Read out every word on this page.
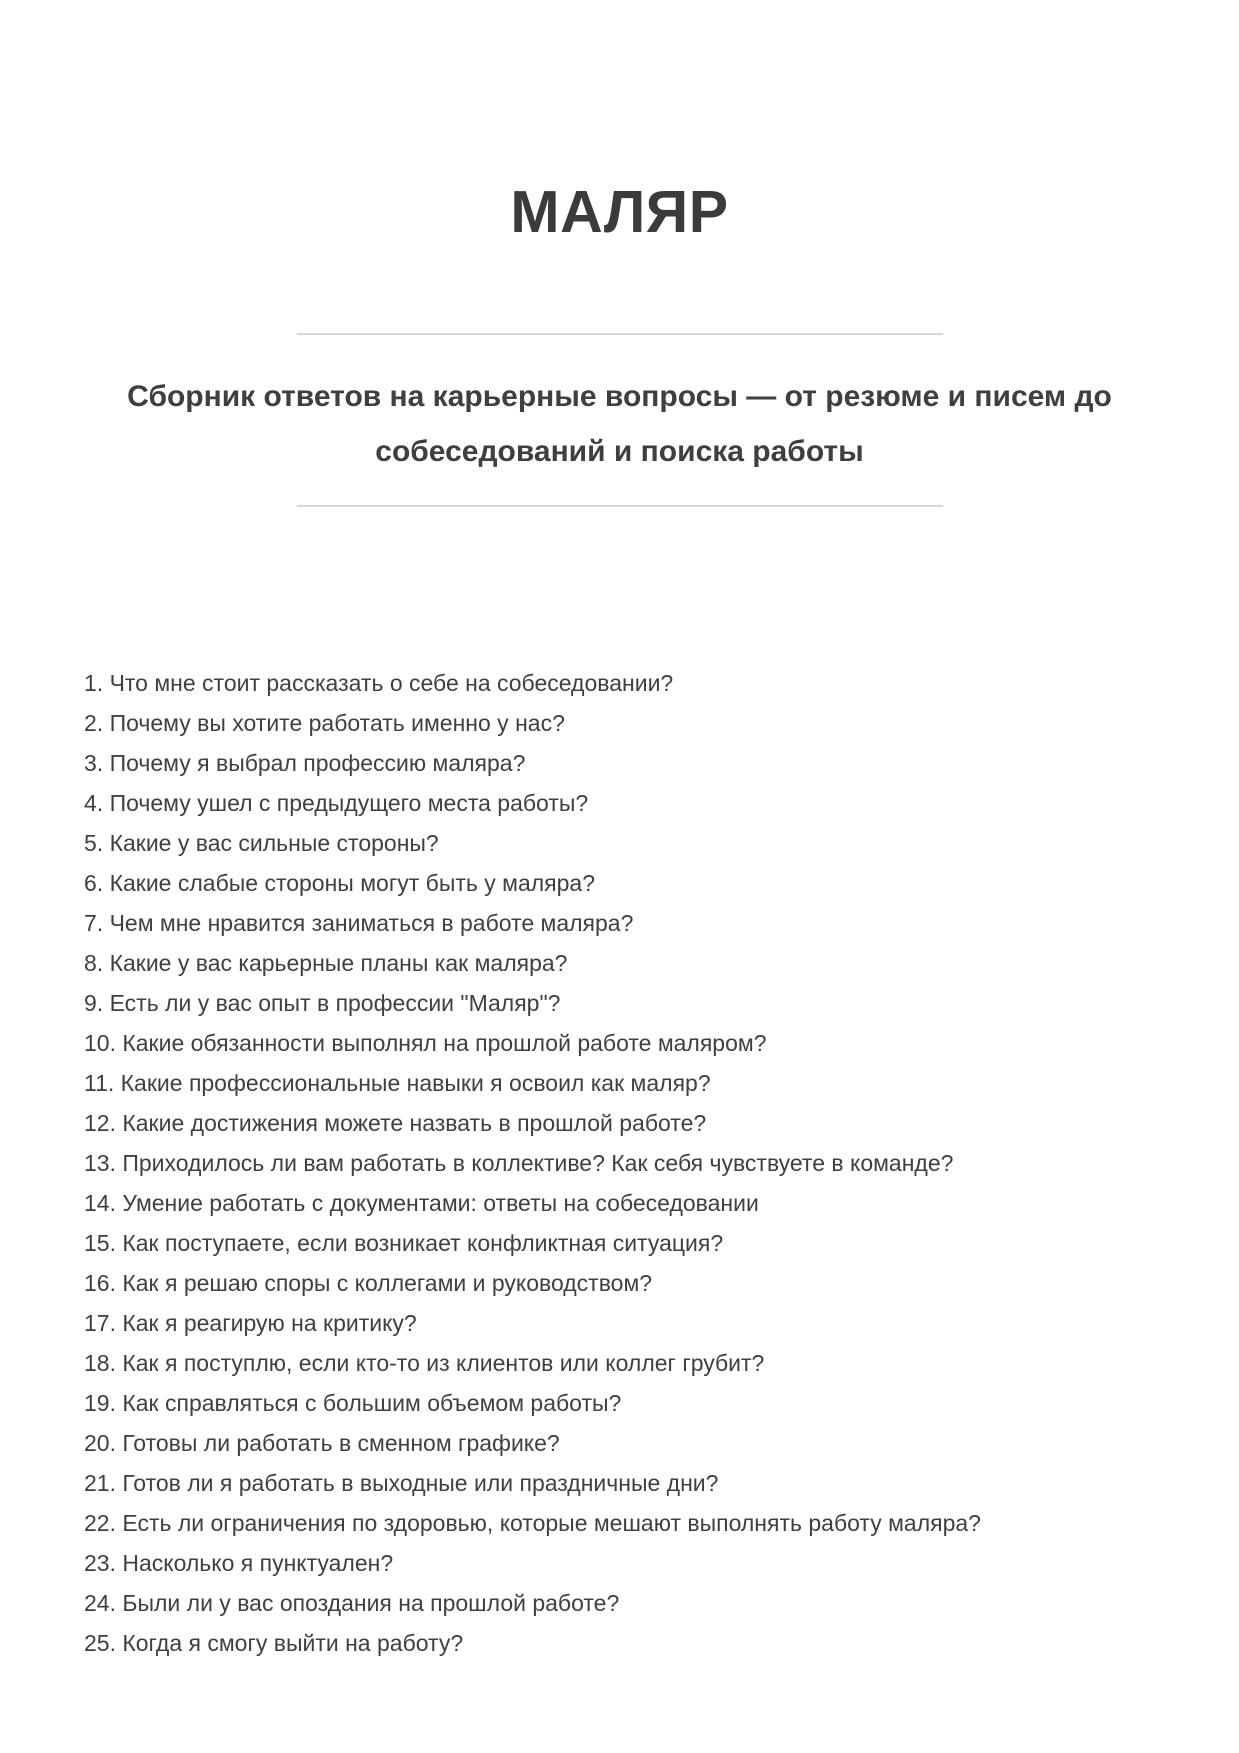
МАЛЯР
Сборник ответов на карьерные вопросы — от резюме и писем до собеседований и поиска работы
1. Что мне стоит рассказать о себе на собеседовании?
2. Почему вы хотите работать именно у нас?
3. Почему я выбрал профессию маляра?
4. Почему ушел с предыдущего места работы?
5. Какие у вас сильные стороны?
6. Какие слабые стороны могут быть у маляра?
7. Чем мне нравится заниматься в работе маляра?
8. Какие у вас карьерные планы как маляра?
9. Есть ли у вас опыт в профессии "Маляр"?
10. Какие обязанности выполнял на прошлой работе маляром?
11. Какие профессиональные навыки я освоил как маляр?
12. Какие достижения можете назвать в прошлой работе?
13. Приходилось ли вам работать в коллективе? Как себя чувствуете в команде?
14. Умение работать с документами: ответы на собеседовании
15. Как поступаете, если возникает конфликтная ситуация?
16. Как я решаю споры с коллегами и руководством?
17. Как я реагирую на критику?
18. Как я поступлю, если кто-то из клиентов или коллег грубит?
19. Как справляться с большим объемом работы?
20. Готовы ли работать в сменном графике?
21. Готов ли я работать в выходные или праздничные дни?
22. Есть ли ограничения по здоровью, которые мешают выполнять работу маляра?
23. Насколько я пунктуален?
24. Были ли у вас опоздания на прошлой работе?
25. Когда я смогу выйти на работу?
